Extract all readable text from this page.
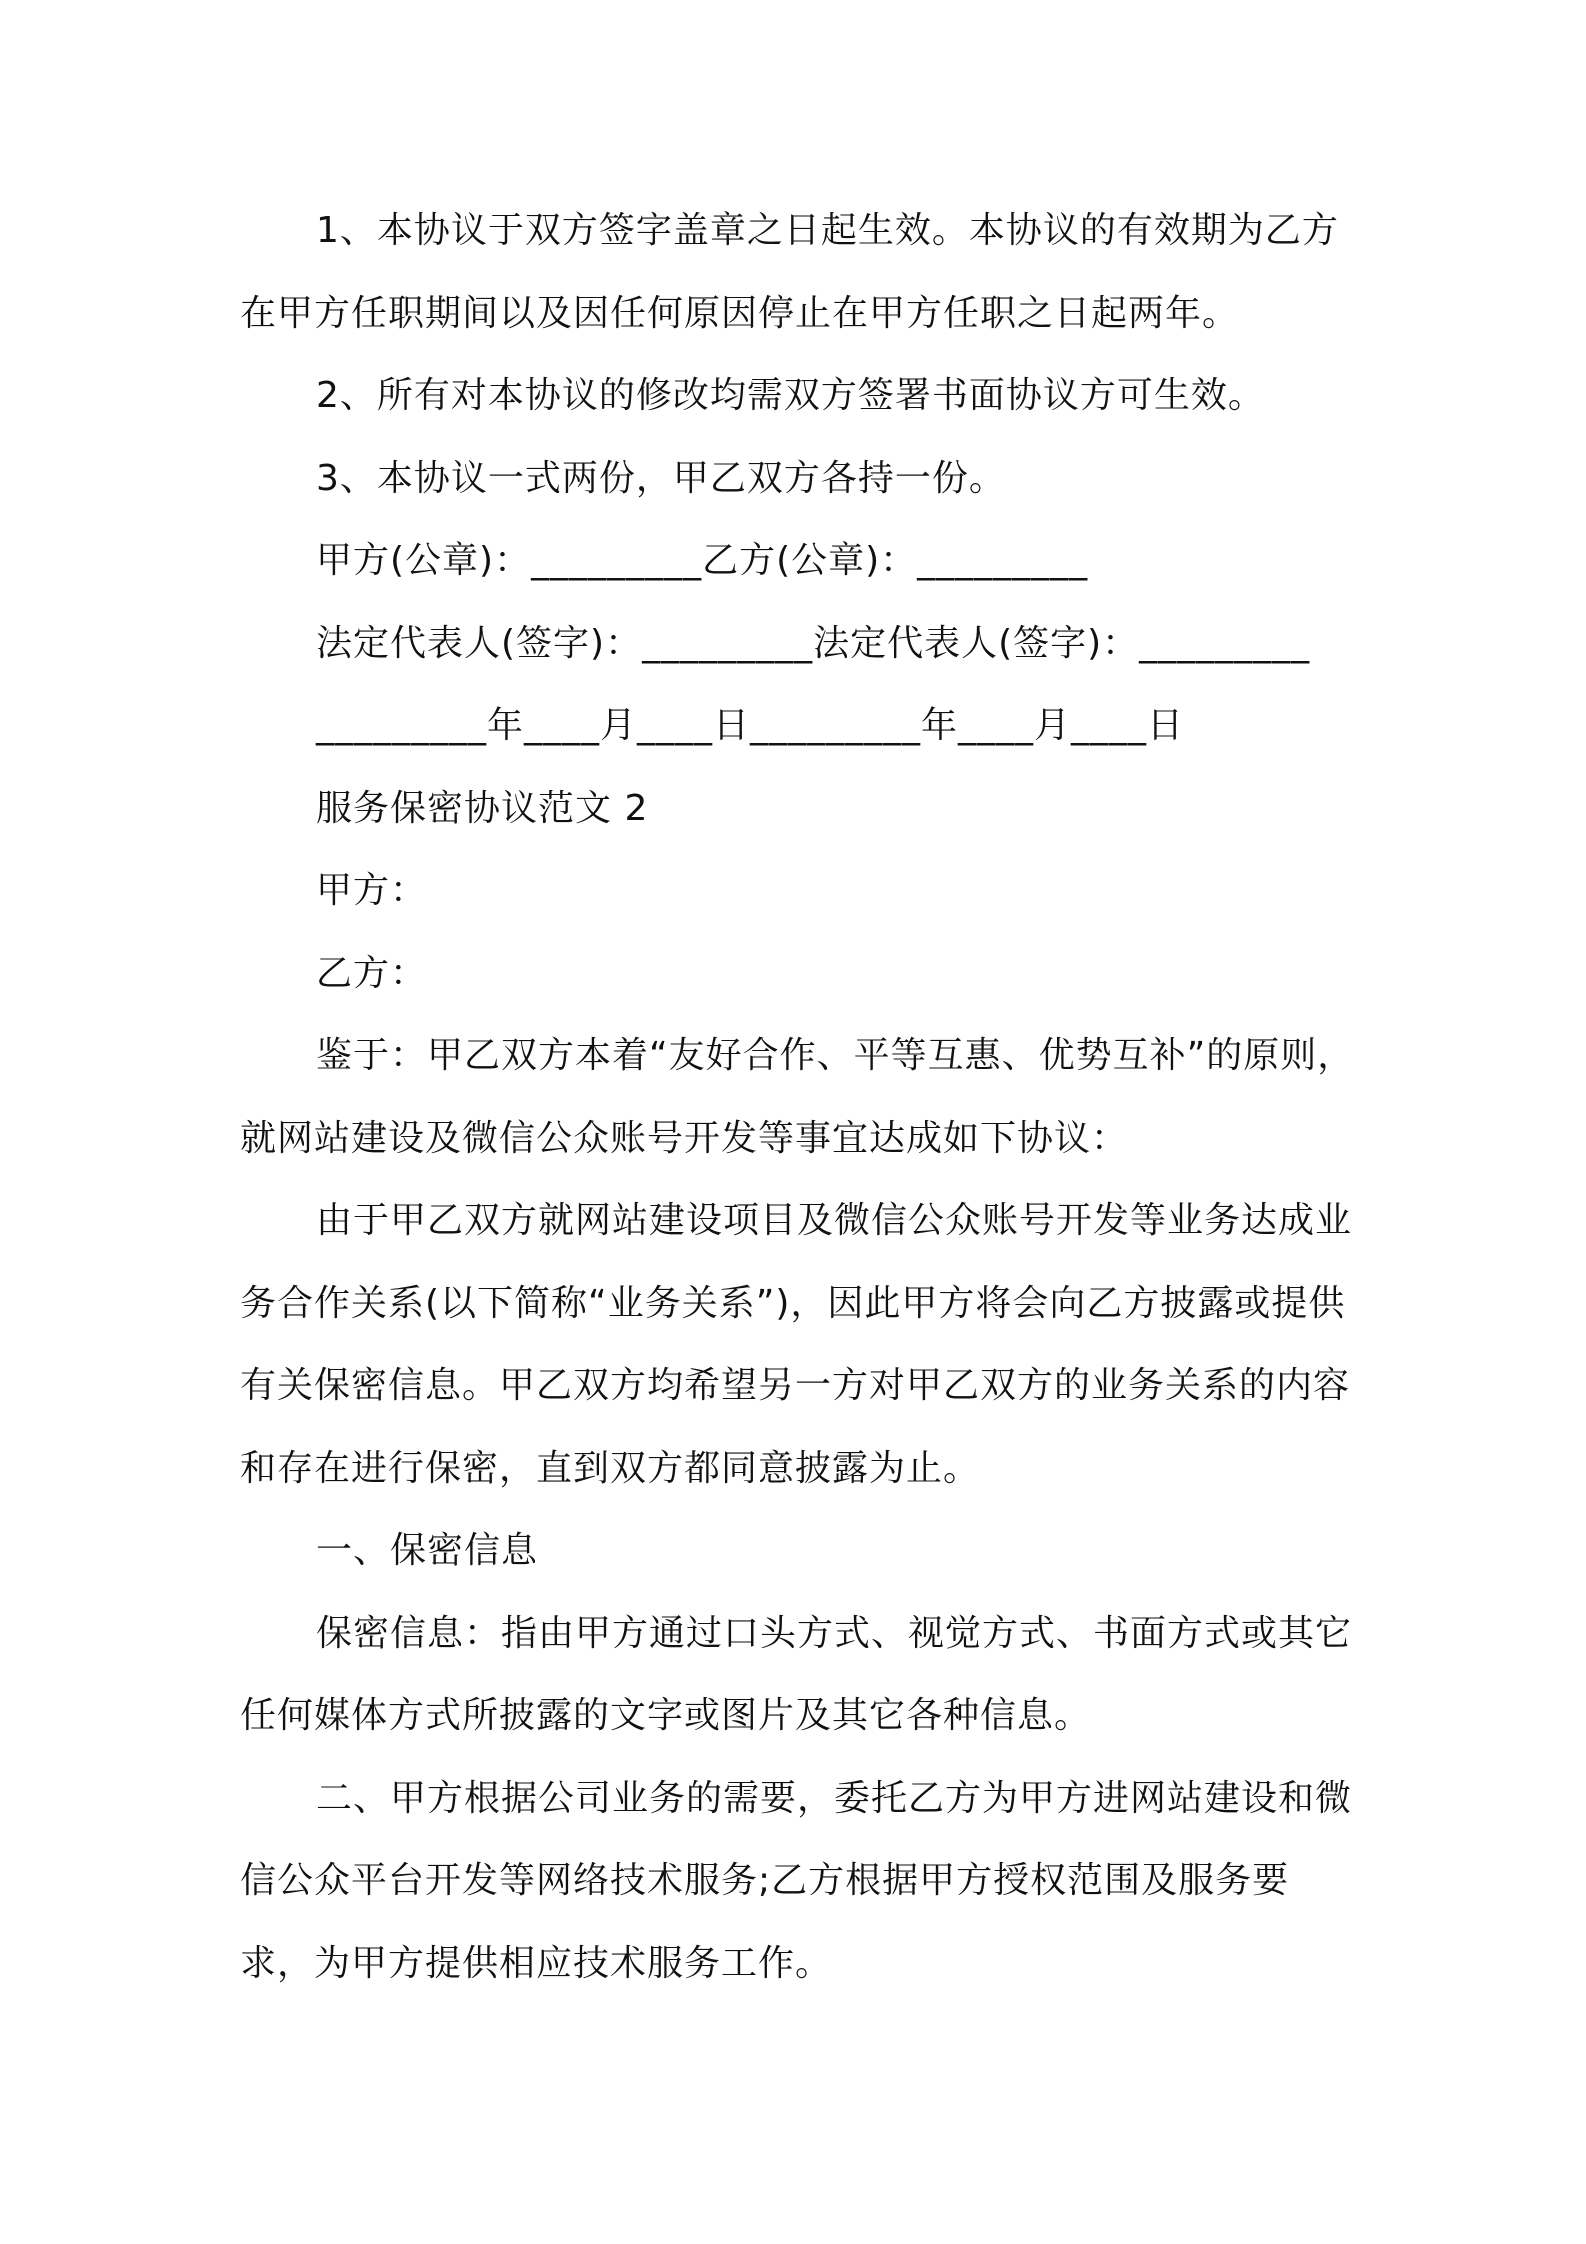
1、本协议于双方签字盖章之日起生效。本协议的有效期为乙方在甲方任职期间以及因任何原因停止在甲方任职之日起两年。

2、所有对本协议的修改均需双方签署书面协议方可生效。

3、本协议一式两份，甲乙双方各持一份。

甲方(公章)：_________乙方(公章)：_________

法定代表人(签字)：_________法定代表人(签字)：_________

_________年____月____日_________年____月____日

服务保密协议范文 2

甲方：

乙方：

鉴于：甲乙双方本着“友好合作、平等互惠、优势互补”的原则，就网站建设及微信公众账号开发等事宜达成如下协议：

由于甲乙双方就网站建设项目及微信公众账号开发等业务达成业务合作关系(以下简称“业务关系”)，因此甲方将会向乙方披露或提供有关保密信息。甲乙双方均希望另一方对甲乙双方的业务关系的内容和存在进行保密，直到双方都同意披露为止。

一、保密信息

保密信息：指由甲方通过口头方式、视觉方式、书面方式或其它任何媒体方式所披露的文字或图片及其它各种信息。

二、甲方根据公司业务的需要，委托乙方为甲方进网站建设和微信公众平台开发等网络技术服务;乙方根据甲方授权范围及服务要求，为甲方提供相应技术服务工作。
